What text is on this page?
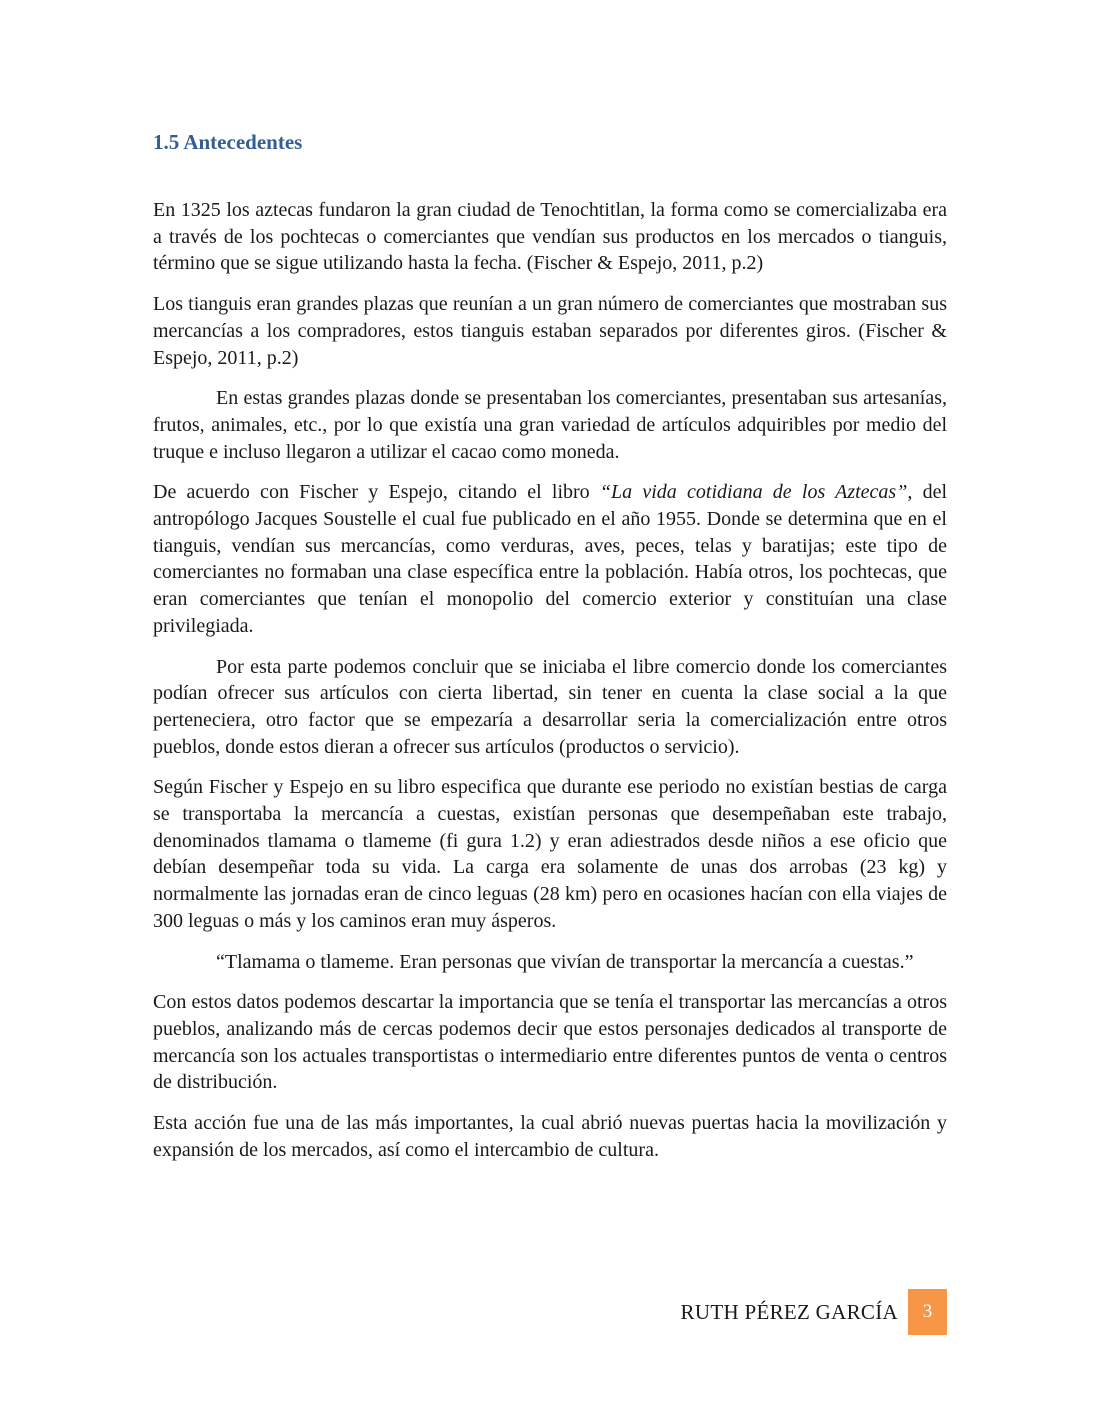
1.5 Antecedentes

En 1325 los aztecas fundaron la gran ciudad de Tenochtitlan, la forma como se comercializaba era a través de los pochtecas o comerciantes que vendían sus productos en los mercados o tianguis, término que se sigue utilizando hasta la fecha. (Fischer & Espejo, 2011, p.2)

Los tianguis eran grandes plazas que reunían a un gran número de comerciantes que mostraban sus mercancías a los compradores, estos tianguis estaban separados por diferentes giros. (Fischer & Espejo, 2011, p.2)

En estas grandes plazas donde se presentaban los comerciantes, presentaban sus artesanías, frutos, animales, etc., por lo que existía una gran variedad de artículos adquiribles por medio del truque e incluso llegaron a utilizar el cacao como moneda.

De acuerdo con Fischer y Espejo, citando el libro “La vida cotidiana de los Aztecas”, del antropólogo Jacques Soustelle el cual fue publicado en el año 1955. Donde se determina que en el tianguis, vendían sus mercancías, como verduras, aves, peces, telas y baratijas; este tipo de comerciantes no formaban una clase específica entre la población. Había otros, los pochtecas, que eran comerciantes que tenían el monopolio del comercio exterior y constituían una clase privilegiada.

Por esta parte podemos concluir que se iniciaba el libre comercio donde los comerciantes podían ofrecer sus artículos con cierta libertad, sin tener en cuenta la clase social a la que perteneciera, otro factor que se empezaría a desarrollar seria la comercialización entre otros pueblos, donde estos dieran a ofrecer sus artículos (productos o servicio).

Según Fischer y Espejo en su libro especifica que durante ese periodo no existían bestias de carga se transportaba la mercancía a cuestas, existían personas que desempeñaban este trabajo, denominados tlamama o tlameme (fi gura 1.2) y eran adiestrados desde niños a ese oficio que debían desempeñar toda su vida. La carga era solamente de unas dos arrobas (23 kg) y normalmente las jornadas eran de cinco leguas (28 km) pero en ocasiones hacían con ella viajes de 300 leguas o más y los caminos eran muy ásperos.

“Tlamama o tlameme. Eran personas que vivían de transportar la mercancía a cuestas.”

Con estos datos podemos descartar la importancia que se tenía el transportar las mercancías a otros pueblos, analizando más de cercas podemos decir que estos personajes dedicados al transporte de mercancía son los actuales transportistas o intermediario entre diferentes puntos de venta o centros de distribución.

Esta acción fue una de las más importantes, la cual abrió nuevas puertas hacia la movilización y expansión de los mercados, así como el intercambio de cultura.

RUTH PÉREZ GARCÍA	3
